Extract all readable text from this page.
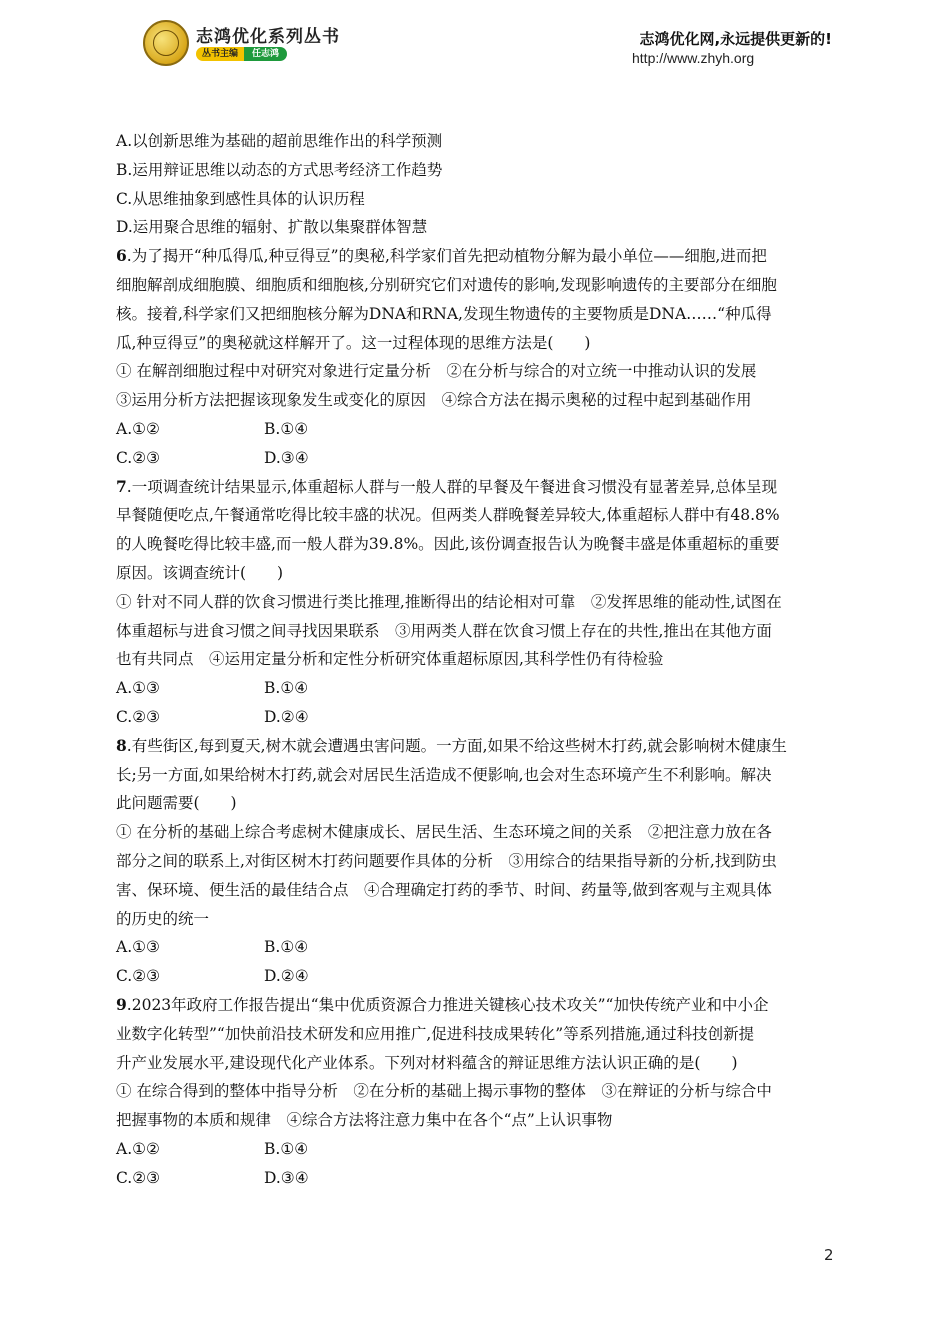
志鸿优化系列丛书
丛书主编	任志鸿
志鸿优化网,永远提供更新的!
http://www.zhyh.org

A.以创新思维为基础的超前思维作出的科学预测

B.运用辩证思维以动态的方式思考经济工作趋势

C.从思维抽象到感性具体的认识历程

D.运用聚合思维的辐射、扩散以集聚群体智慧

6.为了揭开“种瓜得瓜,种豆得豆”的奥秘,科学家们首先把动植物分解为最小单位——细胞,进而把

细胞解剖成细胞膜、细胞质和细胞核,分别研究它们对遗传的影响,发现影响遗传的主要部分在细胞

核。接着,科学家们又把细胞核分解为DNA和RNA,发现生物遗传的主要物质是DNA……“种瓜得

瓜,种豆得豆”的奥秘就这样解开了。这一过程体现的思维方法是(　　)

① 在解剖细胞过程中对研究对象进行定量分析　②在分析与综合的对立统一中推动认识的发展

③运用分析方法把握该现象发生或变化的原因　④综合方法在揭示奥秘的过程中起到基础作用

A.①②	B.①④
C.②③	D.③④

7.一项调查统计结果显示,体重超标人群与一般人群的早餐及午餐进食习惯没有显著差异,总体呈现

早餐随便吃点,午餐通常吃得比较丰盛的状况。但两类人群晚餐差异较大,体重超标人群中有48.8%

的人晚餐吃得比较丰盛,而一般人群为39.8%。因此,该份调查报告认为晚餐丰盛是体重超标的重要

原因。该调查统计(　　)

① 针对不同人群的饮食习惯进行类比推理,推断得出的结论相对可靠　②发挥思维的能动性,试图在

体重超标与进食习惯之间寻找因果联系　③用两类人群在饮食习惯上存在的共性,推出在其他方面

也有共同点　④运用定量分析和定性分析研究体重超标原因,其科学性仍有待检验

A.①③	B.①④
C.②③	D.②④

8.有些街区,每到夏天,树木就会遭遇虫害问题。一方面,如果不给这些树木打药,就会影响树木健康生

长;另一方面,如果给树木打药,就会对居民生活造成不便影响,也会对生态环境产生不利影响。解决

此问题需要(　　)

① 在分析的基础上综合考虑树木健康成长、居民生活、生态环境之间的关系　②把注意力放在各

部分之间的联系上,对街区树木打药问题要作具体的分析　③用综合的结果指导新的分析,找到防虫

害、保环境、便生活的最佳结合点　④合理确定打药的季节、时间、药量等,做到客观与主观具体

的历史的统一

A.①③	B.①④
C.②③	D.②④

9.2023年政府工作报告提出“集中优质资源合力推进关键核心技术攻关”“加快传统产业和中小企

业数字化转型”“加快前沿技术研发和应用推广,促进科技成果转化”等系列措施,通过科技创新提

升产业发展水平,建设现代化产业体系。下列对材料蕴含的辩证思维方法认识正确的是(　　)

① 在综合得到的整体中指导分析　②在分析的基础上揭示事物的整体　③在辩证的分析与综合中

把握事物的本质和规律　④综合方法将注意力集中在各个“点”上认识事物

A.①②	B.①④
C.②③	D.③④
2
